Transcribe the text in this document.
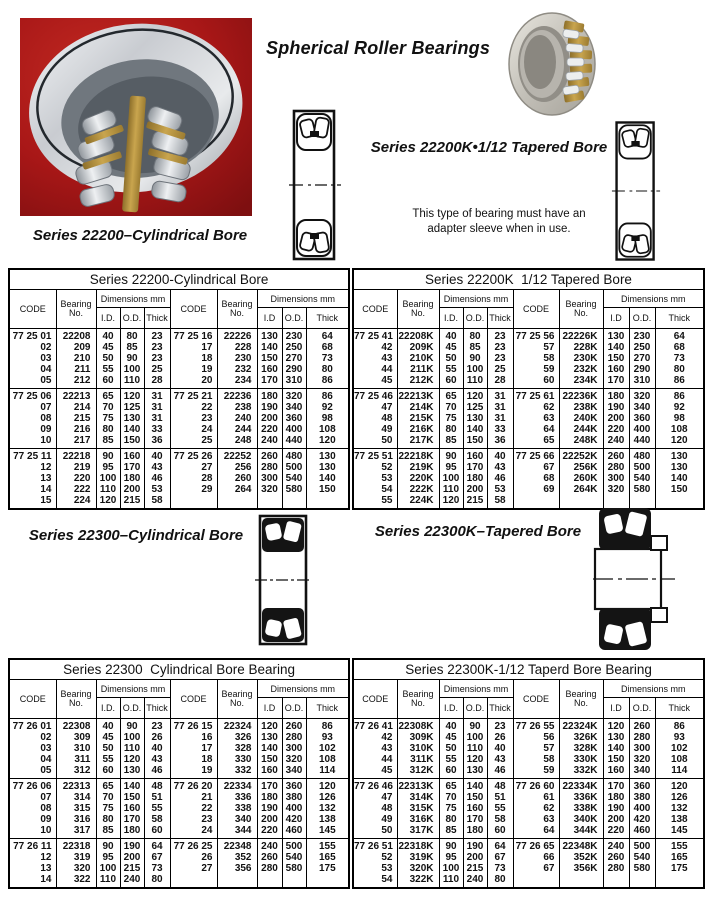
Spherical Roller Bearings
Series 22200K•1/12 Tapered Bore
This type of bearing must have an
adapter sleeve when in use.
Series 22200–Cylindrical Bore
Series 22200-Cylindrical Bore									
CODE	Bearing
No.	Dimensions mm			CODE	Bearing
No.	Dimensions mm		
		I.D.	O.D.	Thick			I.D	O.D.	Thick
77 25 01	22208	40	80	23	77 25 16	22226	130	230	64
02	209	45	85	23	17	228	140	250	68
03	210	50	90	23	18	230	150	270	73
04	211	55	100	25	19	232	160	290	80
05	212	60	110	28	20	234	170	310	86
77 25 06	22213	65	120	31	77 25 21	22236	180	320	86
07	214	70	125	31	22	238	190	340	92
08	215	75	130	31	23	240	200	360	98
09	216	80	140	33	24	244	220	400	108
10	217	85	150	36	25	248	240	440	120
77 25 11	22218	90	160	40	77 25 26	22252	260	480	130
12	219	95	170	43	27	256	280	500	130
13	220	100	180	46	28	260	300	540	140
14	222	110	200	53	29	264	320	580	150
15	224	120	215	58					
Series 22200K  1/12 Tapered Bore									
CODE	Bearing
No.	Dimensions mm			CODE	Bearing
No.	Dimensions mm		
		I.D.	O.D.	Thick			I.D	O.D.	Thick
77 25 41	22208K	40	80	23	77 25 56	22226K	130	230	64
42	209K	45	85	23	57	228K	140	250	68
43	210K	50	90	23	58	230K	150	270	73
44	211K	55	100	25	59	232K	160	290	80
45	212K	60	110	28	60	234K	170	310	86
77 25 46	22213K	65	120	31	77 25 61	22236K	180	320	86
47	214K	70	125	31	62	238K	190	340	92
48	215K	75	130	31	63	240K	200	360	98
49	216K	80	140	33	64	244K	220	400	108
50	217K	85	150	36	65	248K	240	440	120
77 25 51	22218K	90	160	40	77 25 66	22252K	260	480	130
52	219K	95	170	43	67	256K	280	500	130
53	220K	100	180	46	68	260K	300	540	140
54	222K	110	200	53	69	264K	320	580	150
55	224K	120	215	58					
Series 22300–Cylindrical Bore	Series 22300K–Tapered Bore
Series 22300  Cylindrical Bore Bearing									
CODE	Bearing
No.	Dimensions mm			CODE	Bearing
No.	Dimensions mm		
		I.D.	O.D.	Thick			I.D	O.D.	Thick
77 26 01	22308	40	90	23	77 26 15	22324	120	260	86
02	309	45	100	26	16	326	130	280	93
03	310	50	110	40	17	328	140	300	102
04	311	55	120	43	18	330	150	320	108
05	312	60	130	46	19	332	160	340	114
77 26 06	22313	65	140	48	77 26 20	22334	170	360	120
07	314	70	150	51	21	336	180	380	126
08	315	75	160	55	22	338	190	400	132
09	316	80	170	58	23	340	200	420	138
10	317	85	180	60	24	344	220	460	145
77 26 11	22318	90	190	64	77 26 25	22348	240	500	155
12	319	95	200	67	26	352	260	540	165
13	320	100	215	73	27	356	280	580	175
14	322	110	240	80					
Series 22300K-1/12 Taperd Bore Bearing									
CODE	Bearing
No.	Dimensions mm			CODE	Bearing
No.	Dimensions mm		
		I.D.	O.D.	Thick			I.D	O.D.	Thick
77 26 41	22308K	40	90	23	77 26 55	22324K	120	260	86
42	309K	45	100	26	56	326K	130	280	93
43	310K	50	110	40	57	328K	140	300	102
44	311K	55	120	43	58	330K	150	320	108
45	312K	60	130	46	59	332K	160	340	114
77 26 46	22313K	65	140	48	77 26 60	22334K	170	360	120
47	314K	70	150	51	61	336K	180	380	126
48	315K	75	160	55	62	338K	190	400	132
49	316K	80	170	58	63	340K	200	420	138
50	317K	85	180	60	64	344K	220	460	145
77 26 51	22318K	90	190	64	77 26 65	22348K	240	500	155
52	319K	95	200	67	66	352K	260	540	165
53	320K	100	215	73	67	356K	280	580	175
54	322K	110	240	80					
